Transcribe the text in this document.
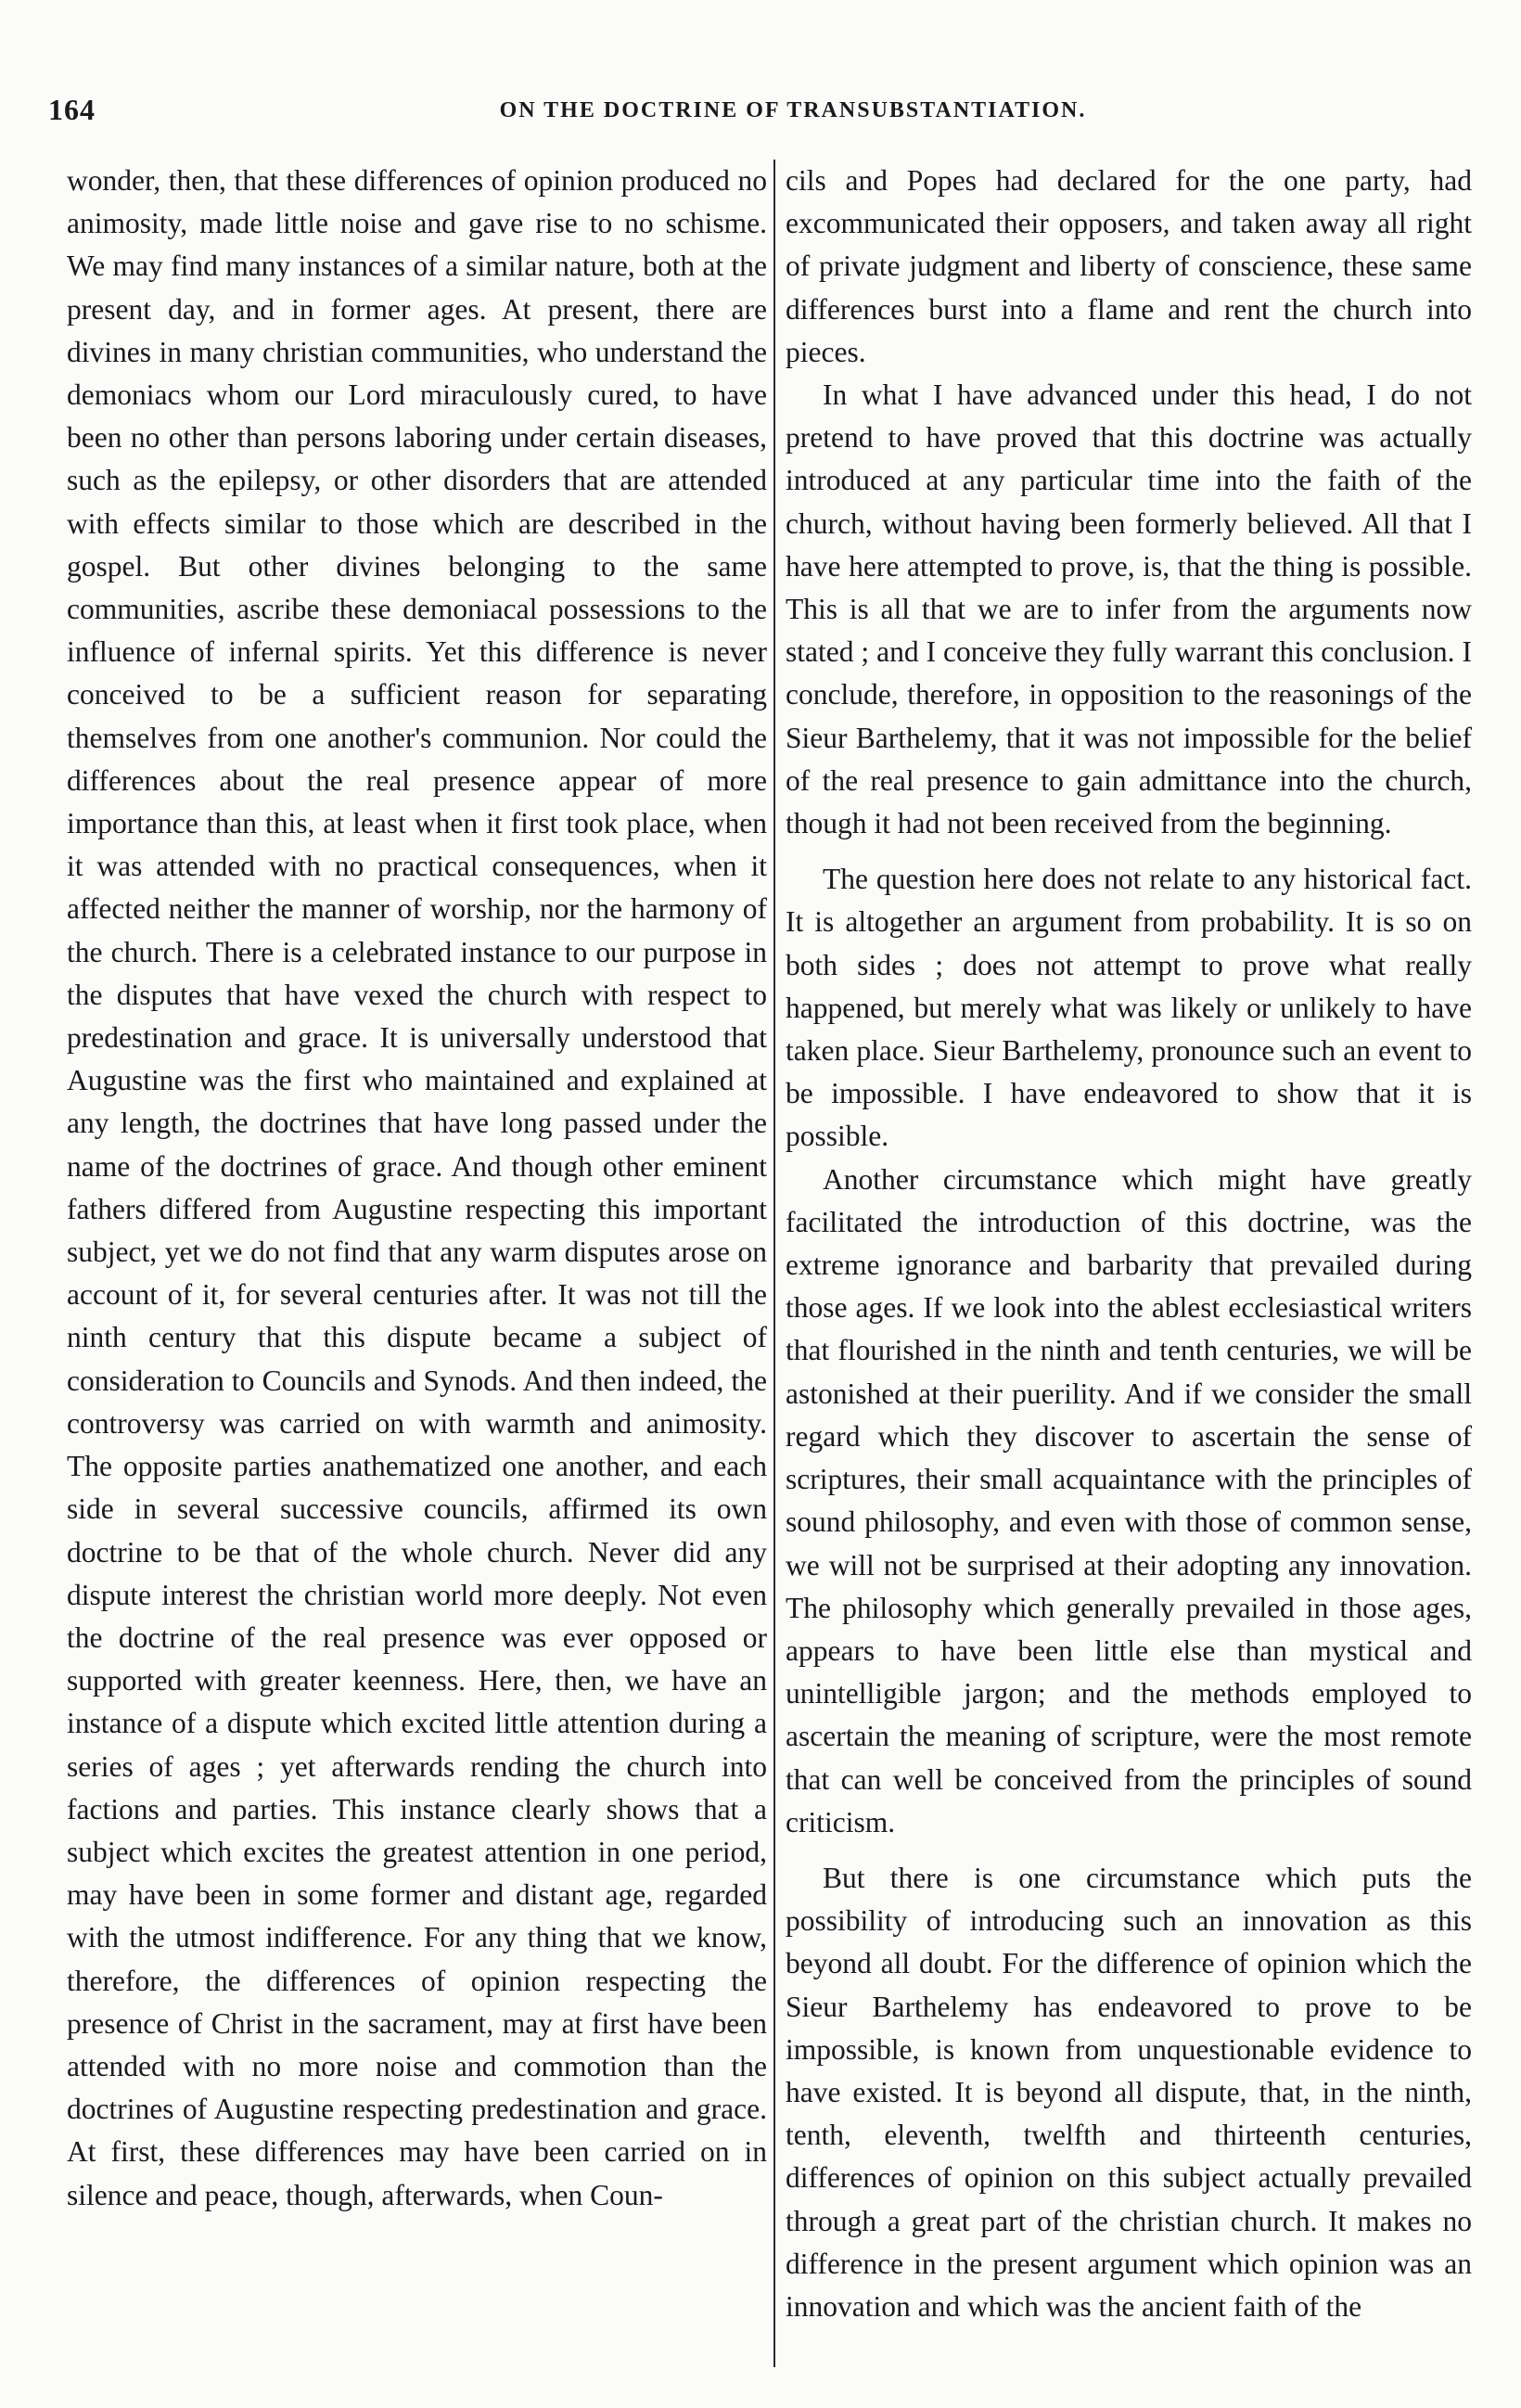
164	ON THE DOCTRINE OF TRANSUBSTANTIATION.

wonder, then, that these differences of opinion produced no animosity, made little noise and gave rise to no schisme. We may find many instances of a similar nature, both at the present day, and in former ages. At present, there are divines in many christian communities, who understand the demoniacs whom our Lord miraculously cured, to have been no other than persons laboring under certain diseases, such as the epilepsy, or other disorders that are attended with effects similar to those which are described in the gospel. But other divines belonging to the same communities, ascribe these demoniacal possessions to the influence of infernal spirits. Yet this difference is never conceived to be a sufficient reason for separating themselves from one another's communion. Nor could the differences about the real presence appear of more importance than this, at least when it first took place, when it was attended with no practical consequences, when it affected neither the manner of worship, nor the harmony of the church. There is a celebrated instance to our purpose in the disputes that have vexed the church with respect to predestination and grace. It is universally understood that Augustine was the first who maintained and explained at any length, the doctrines that have long passed under the name of the doctrines of grace. And though other eminent fathers differed from Augustine respecting this important subject, yet we do not find that any warm disputes arose on account of it, for several centuries after. It was not till the ninth century that this dispute became a subject of consideration to Councils and Synods. And then indeed, the controversy was carried on with warmth and animosity. The opposite parties anathematized one another, and each side in several successive councils, affirmed its own doctrine to be that of the whole church. Never did any dispute interest the christian world more deeply. Not even the doctrine of the real presence was ever opposed or supported with greater keenness. Here, then, we have an instance of a dispute which excited little attention during a series of ages ; yet afterwards rending the church into factions and parties. This instance clearly shows that a subject which excites the greatest attention in one period, may have been in some former and distant age, regarded with the utmost indifference. For any thing that we know, therefore, the differences of opinion respecting the presence of Christ in the sacrament, may at first have been attended with no more noise and commotion than the doctrines of Augustine respecting predestination and grace. At first, these differences may have been carried on in silence and peace, though, afterwards, when Coun-

cils and Popes had declared for the one party, had excommunicated their opposers, and taken away all right of private judgment and liberty of conscience, these same differences burst into a flame and rent the church into pieces.

In what I have advanced under this head, I do not pretend to have proved that this doctrine was actually introduced at any particular time into the faith of the church, without having been formerly believed. All that I have here attempted to prove, is, that the thing is possible. This is all that we are to infer from the arguments now stated ; and I conceive they fully warrant this conclusion. I conclude, therefore, in opposition to the reasonings of the Sieur Barthelemy, that it was not impossible for the belief of the real presence to gain admittance into the church, though it had not been received from the beginning.

The question here does not relate to any historical fact. It is altogether an argument from probability. It is so on both sides ; does not attempt to prove what really happened, but merely what was likely or unlikely to have taken place. Sieur Barthelemy, pronounce such an event to be impossible. I have endeavored to show that it is possible.

Another circumstance which might have greatly facilitated the introduction of this doctrine, was the extreme ignorance and barbarity that prevailed during those ages. If we look into the ablest ecclesiastical writers that flourished in the ninth and tenth centuries, we will be astonished at their puerility. And if we consider the small regard which they discover to ascertain the sense of scriptures, their small acquaintance with the principles of sound philosophy, and even with those of common sense, we will not be surprised at their adopting any innovation. The philosophy which generally prevailed in those ages, appears to have been little else than mystical and unintelligible jargon; and the methods employed to ascertain the meaning of scripture, were the most remote that can well be conceived from the principles of sound criticism.

But there is one circumstance which puts the possibility of introducing such an innovation as this beyond all doubt. For the difference of opinion which the Sieur Barthelemy has endeavored to prove to be impossible, is known from unquestionable evidence to have existed. It is beyond all dispute, that, in the ninth, tenth, eleventh, twelfth and thirteenth centuries, differences of opinion on this subject actually prevailed through a great part of the christian church. It makes no difference in the present argument which opinion was an innovation and which was the ancient faith of the
